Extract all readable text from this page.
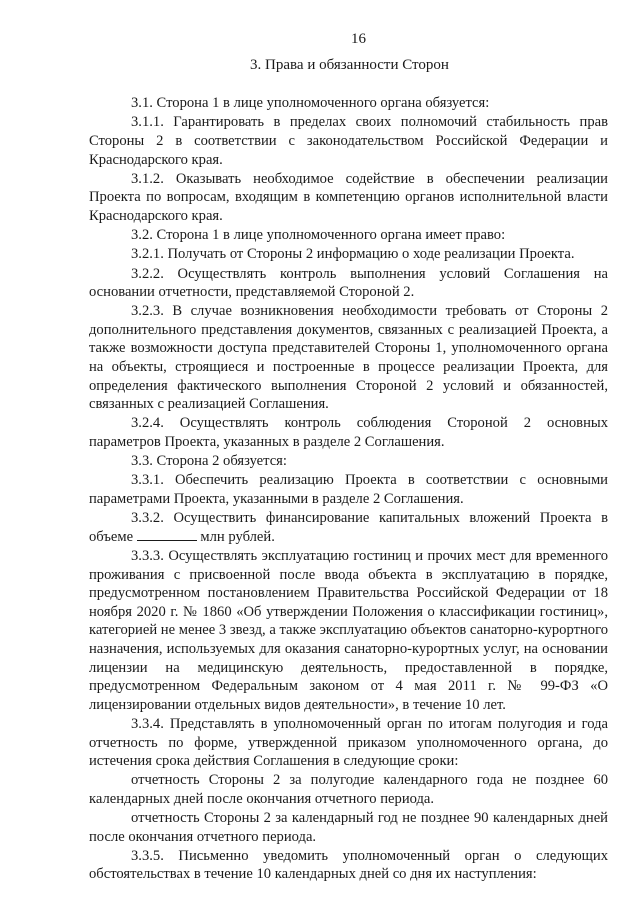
16
3. Права и обязанности Сторон

3.1. Сторона 1 в лице уполномоченного органа обязуется:

3.1.1. Гарантировать в пределах своих полномочий стабильность прав Стороны 2 в соответствии с законодательством Российской Федерации и Краснодарского края.

3.1.2. Оказывать необходимое содействие в обеспечении реализации Проекта по вопросам, входящим в компетенцию органов исполнительной власти Краснодарского края.

3.2. Сторона 1 в лице уполномоченного органа имеет право:

3.2.1. Получать от Стороны 2 информацию о ходе реализации Проекта.

3.2.2. Осуществлять контроль выполнения условий Соглашения на основании отчетности, представляемой Стороной 2.

3.2.3. В случае возникновения необходимости требовать от Стороны 2 дополнительного представления документов, связанных с реализацией Проекта, а также возможности доступа представителей Стороны 1, уполномоченного органа на объекты, строящиеся и построенные в процессе реализации Проекта, для определения фактического выполнения Стороной 2 условий и обязанностей, связанных с реализацией Соглашения.

3.2.4. Осуществлять контроль соблюдения Стороной 2 основных параметров Проекта, указанных в разделе 2 Соглашения.

3.3. Сторона 2 обязуется:

3.3.1. Обеспечить реализацию Проекта в соответствии с основными параметрами Проекта, указанными в разделе 2 Соглашения.

3.3.2. Осуществить финансирование капитальных вложений Проекта в объеме	млн рублей.

3.3.3. Осуществлять эксплуатацию гостиниц и прочих мест для временного проживания с присвоенной после ввода объекта в эксплуатацию в порядке, предусмотренном постановлением Правительства Российской Федерации от 18 ноября 2020 г. № 1860 «Об утверждении Положения о классификации гостиниц», категорией не менее 3 звезд, а также эксплуатацию объектов санаторно-курортного назначения, используемых для оказания санаторно-курортных услуг, на основании лицензии на медицинскую деятельность, предоставленной в порядке, предусмотренном Федеральным законом от 4 мая 2011 г. № 99-ФЗ «О лицензировании отдельных видов деятельности», в течение 10 лет.

3.3.4. Представлять в уполномоченный орган по итогам полугодия и года отчетность по форме, утвержденной приказом уполномоченного органа, до истечения срока действия Соглашения в следующие сроки:

отчетность Стороны 2 за полугодие календарного года не позднее 60 календарных дней после окончания отчетного периода.

отчетность Стороны 2 за календарный год не позднее 90 календарных дней после окончания отчетного периода.

3.3.5. Письменно уведомить уполномоченный орган о следующих обстоятельствах в течение 10 календарных дней со дня их наступления:
